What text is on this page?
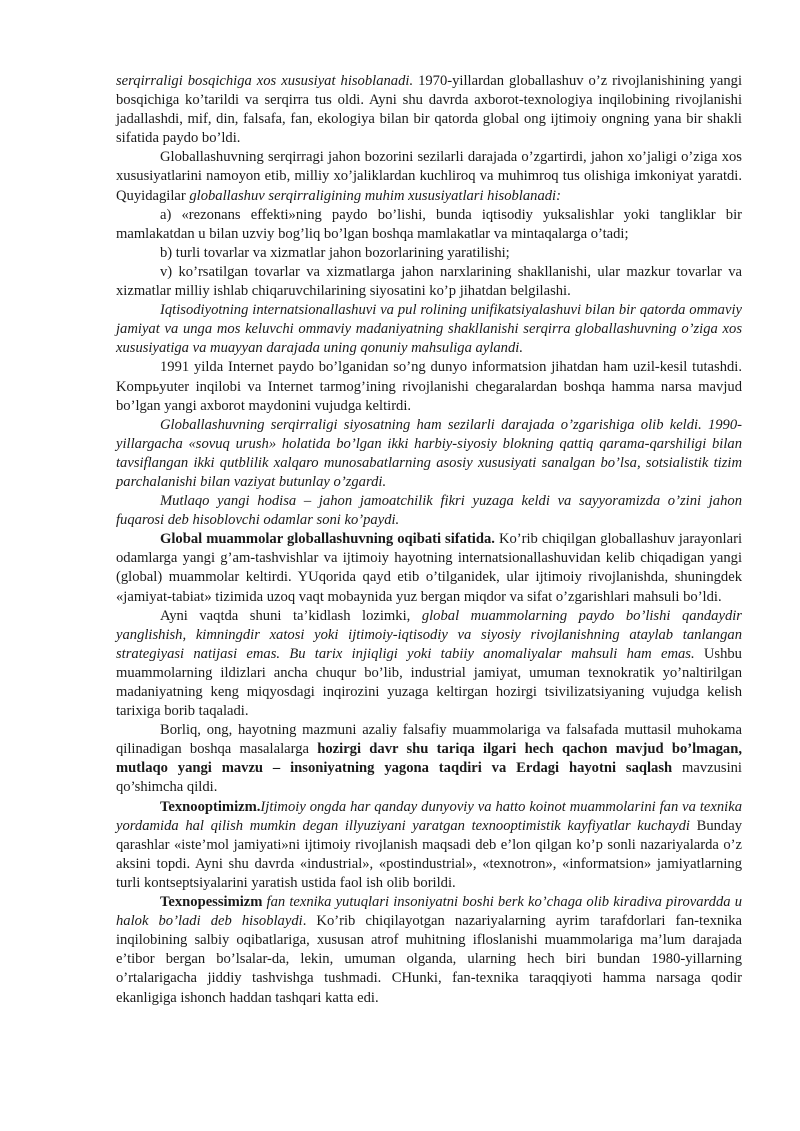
serqirraligi bosqichiga xos xususiyat hisoblanadi. 1970-yillardan globallashuv o’z rivojlanishining yangi bosqichiga ko’tarildi va serqirra tus oldi. Ayni shu davrda axborot-texnologiya inqilobining rivojlanishi jadallashdi, mif, din, falsafa, fan, ekologiya bilan bir qatorda global ong ijtimoiy ongning yana bir shakli sifatida paydo bo’ldi.

Globallashuvning serqirragi jahon bozorini sezilarli darajada o’zgartirdi, jahon xo’jaligi o’ziga xos xususiyatlarini namoyon etib, milliy xo’jaliklardan kuchliroq va muhimroq tus olishiga imkoniyat yaratdi. Quyidagilar globallashuv serqirraligining muhim xususiyatlari hisoblanadi:

a) «rezonans effekti»ning paydo bo’lishi, bunda iqtisodiy yuksalishlar yoki tangliklar bir mamlakatdan u bilan uzviy bog’liq bo’lgan boshqa mamlakatlar va mintaqalarga o’tadi;

b) turli tovarlar va xizmatlar jahon bozorlarining yaratilishi;

v) ko’rsatilgan tovarlar va xizmatlarga jahon narxlarining shakllanishi, ular mazkur tovarlar va xizmatlar milliy ishlab chiqaruvchilarining siyosatini ko’p jihatdan belgilashi.

Iqtisodiyotning internatsionallashuvi va pul rolining unifikatsiyalashuvi bilan bir qatorda ommaviy jamiyat va unga mos keluvchi ommaviy madaniyatning shakllanishi serqirra globallashuvning o’ziga xos xususiyatiga va muayyan darajada uning qonuniy mahsuliga aylandi.

1991 yilda Internet paydo bo’lganidan so’ng dunyo informatsion jihatdan ham uzil-kesil tutashdi. Kompьyuter inqilobi va Internet tarmog’ining rivojlanishi chegaralardan boshqa hamma narsa mavjud bo’lgan yangi axborot maydonini vujudga keltirdi.

Globallashuvning serqirraligi siyosatning ham sezilarli darajada o’zgarishiga olib keldi. 1990-yillargacha «sovuq urush» holatida bo’lgan ikki harbiy-siyosiy blokning qattiq qarama-qarshiligi bilan tavsiflangan ikki qutblilik xalqaro munosabatlarning asosiy xususiyati sanalgan bo’lsa, sotsialistik tizim parchalanishi bilan vaziyat butunlay o’zgardi.

Mutlaqo yangi hodisa – jahon jamoatchilik fikri yuzaga keldi va sayyoramizda o’zini jahon fuqarosi deb hisoblovchi odamlar soni ko’paydi.

Global muammolar globallashuvning oqibati sifatida. Ko’rib chiqilgan globallashuv jarayonlari odamlarga yangi g’am-tashvishlar va ijtimoiy hayotning internatsionallashuvidan kelib chiqadigan yangi (global) muammolar keltirdi. YUqorida qayd etib o’tilganidek, ular ijtimoiy rivojlanishda, shuningdek «jamiyat-tabiat» tizimida uzoq vaqt mobaynida yuz bergan miqdor va sifat o’zgarishlari mahsuli bo’ldi.

Ayni vaqtda shuni ta’kidlash lozimki, global muammolarning paydo bo’lishi qandaydir yanglishish, kimningdir xatosi yoki ijtimoiy-iqtisodiy va siyosiy rivojlanishning ataylab tanlangan strategiyasi natijasi emas. Bu tarix injiqligi yoki tabiiy anomaliyalar mahsuli ham emas. Ushbu muammolarning ildizlari ancha chuqur bo’lib, industrial jamiyat, umuman texnokratik yo’naltirilgan madaniyatning keng miqyosdagi inqirozini yuzaga keltirgan hozirgi tsivilizatsiyaning vujudga kelish tarixiga borib taqaladi.

Borliq, ong, hayotning mazmuni azaliy falsafiy muammolariga va falsafada muttasil muhokama qilinadigan boshqa masalalarga hozirgi davr shu tariqa ilgari hech qachon mavjud bo’lmagan, mutlaqo yangi mavzu – insoniyatning yagona taqdiri va Erdagi hayotni saqlash mavzusini qo’shimcha qildi.

Texnooptimizm.Ijtimoiy ongda har qanday dunyoviy va hatto koinot muammolarini fan va texnika yordamida hal qilish mumkin degan illyuziyani yaratgan texnooptimistik kayfiyatlar kuchaydi Bunday qarashlar «iste’mol jamiyati»ni ijtimoiy rivojlanish maqsadi deb e’lon qilgan ko’p sonli nazariyalarda o’z aksini topdi. Ayni shu davrda «industrial», «postindustrial», «texnotron», «informatsion» jamiyatlarning turli kontseptsiyalarini yaratish ustida faol ish olib borildi.

Texnopessimizm fan texnika yutuqlari insoniyatni boshi berk ko’chaga olib kiradiva pirovardda u halok bo’ladi deb hisoblaydi. Ko’rib chiqilayotgan nazariyalarning ayrim tarafdorlari fan-texnika inqilobining salbiy oqibatlariga, xususan atrof muhitning ifloslanishi muammolariga ma’lum darajada e’tibor bergan bo’lsalar-da, lekin, umuman olganda, ularning hech biri bundan 1980-yillarning o’rtalarigacha jiddiy tashvishga tushmadi. CHunki, fan-texnika taraqqiyoti hamma narsaga qodir ekanligiga ishonch haddan tashqari katta edi.
